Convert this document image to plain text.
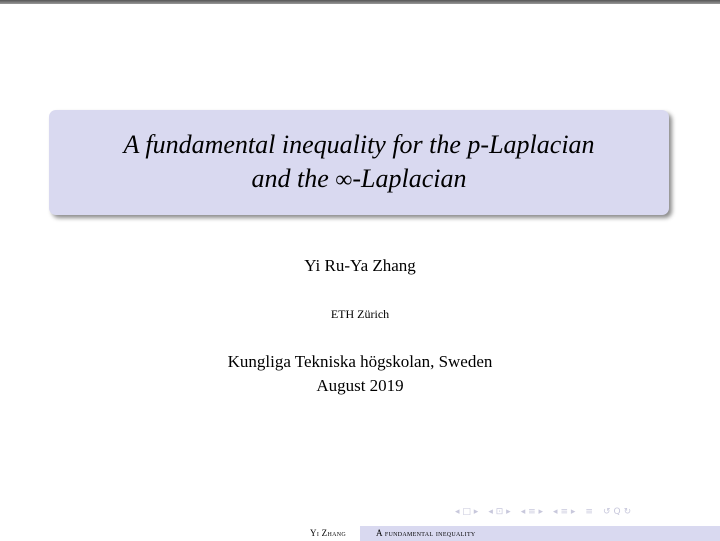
A fundamental inequality for the p-Laplacian
and the ∞-Laplacian
Yi Ru-Ya Zhang
ETH Zürich
Kungliga Tekniska högskolan, Sweden
August 2019
◂ □ ▸ ◂ ⊡ ▸ ◂ ≡ ▸ ◂ ≡ ▸ ≡ ↺ Q ↻
Yi Zhang	A fundamental inequality
